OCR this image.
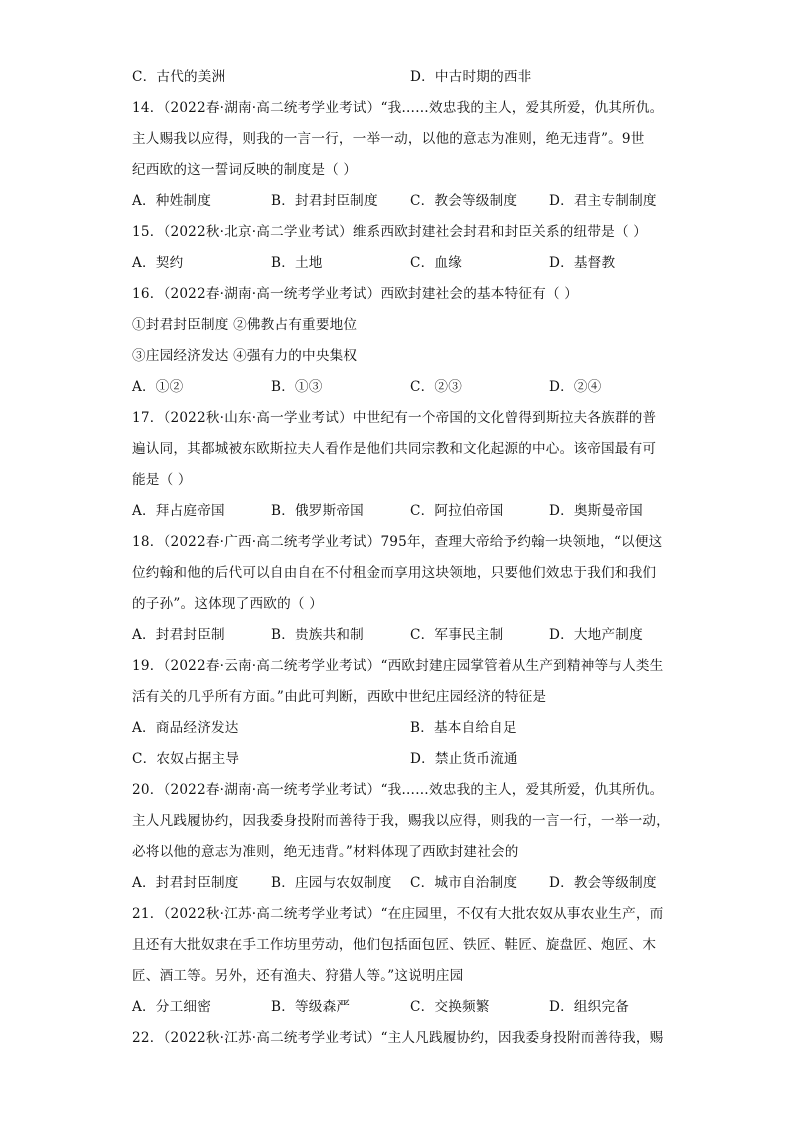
C．古代的美洲	D．中古时期的西非
14．（2022春·湖南·高二统考学业考试）“我……效忠我的主人，爱其所爱，仇其所仇。
主人赐我以应得，则我的一言一行，一举一动，以他的意志为准则，绝无违背”。9世
纪西欧的这一誓词反映的制度是（ ）
A．种姓制度	B．封君封臣制度 C．教会等级制度 D．君主专制制度
15．（2022秋·北京·高二学业考试）维系西欧封建社会封君和封臣关系的纽带是（ ）
A．契约	B．土地	C．血缘	D．基督教
16．（2022春·湖南·高一统考学业考试）西欧封建社会的基本特征有（ ）
①封君封臣制度 ②佛教占有重要地位
③庄园经济发达 ④强有力的中央集权
A．①②	B．①③	C．②③	D．②④
17．（2022秋·山东·高一学业考试）中世纪有一个帝国的文化曾得到斯拉夫各族群的普
遍认同，其都城被东欧斯拉夫人看作是他们共同宗教和文化起源的中心。该帝国最有可
能是（ ）
A．拜占庭帝国	B．俄罗斯帝国	C．阿拉伯帝国	D．奥斯曼帝国
18．（2022春·广西·高二统考学业考试）795年，查理大帝给予约翰一块领地，“以便这
位约翰和他的后代可以自由自在不付租金而享用这块领地，只要他们效忠于我们和我们
的子孙”。这体现了西欧的（ ）
A．封君封臣制	B．贵族共和制	C．军事民主制	D．大地产制度
19．（2022春·云南·高二统考学业考试）“西欧封建庄园掌管着从生产到精神等与人类生
活有关的几乎所有方面。”由此可判断，西欧中世纪庄园经济的特征是
A．商品经济发达	B．基本自给自足
C．农奴占据主导	D．禁止货币流通
20．（2022春·湖南·高一统考学业考试）“我……效忠我的主人，爱其所爱，仇其所仇。
主人凡践履协约，因我委身投附而善待于我，赐我以应得，则我的一言一行，一举一动，
必将以他的意志为准则，绝无违背。”材料体现了西欧封建社会的
A．封君封臣制度 B．庄园与农奴制度 C．城市自治制度 D．教会等级制度
21．（2022秋·江苏·高二统考学业考试）“在庄园里，不仅有大批农奴从事农业生产，而
且还有大批奴隶在手工作坊里劳动，他们包括面包匠、铁匠、鞋匠、旋盘匠、炮匠、木
匠、酒工等。另外，还有渔夫、狩猎人等。”这说明庄园
A．分工细密	B．等级森严	C．交换频繁	D．组织完备
22．（2022秋·江苏·高二统考学业考试）“主人凡践履协约，因我委身投附而善待我，赐
